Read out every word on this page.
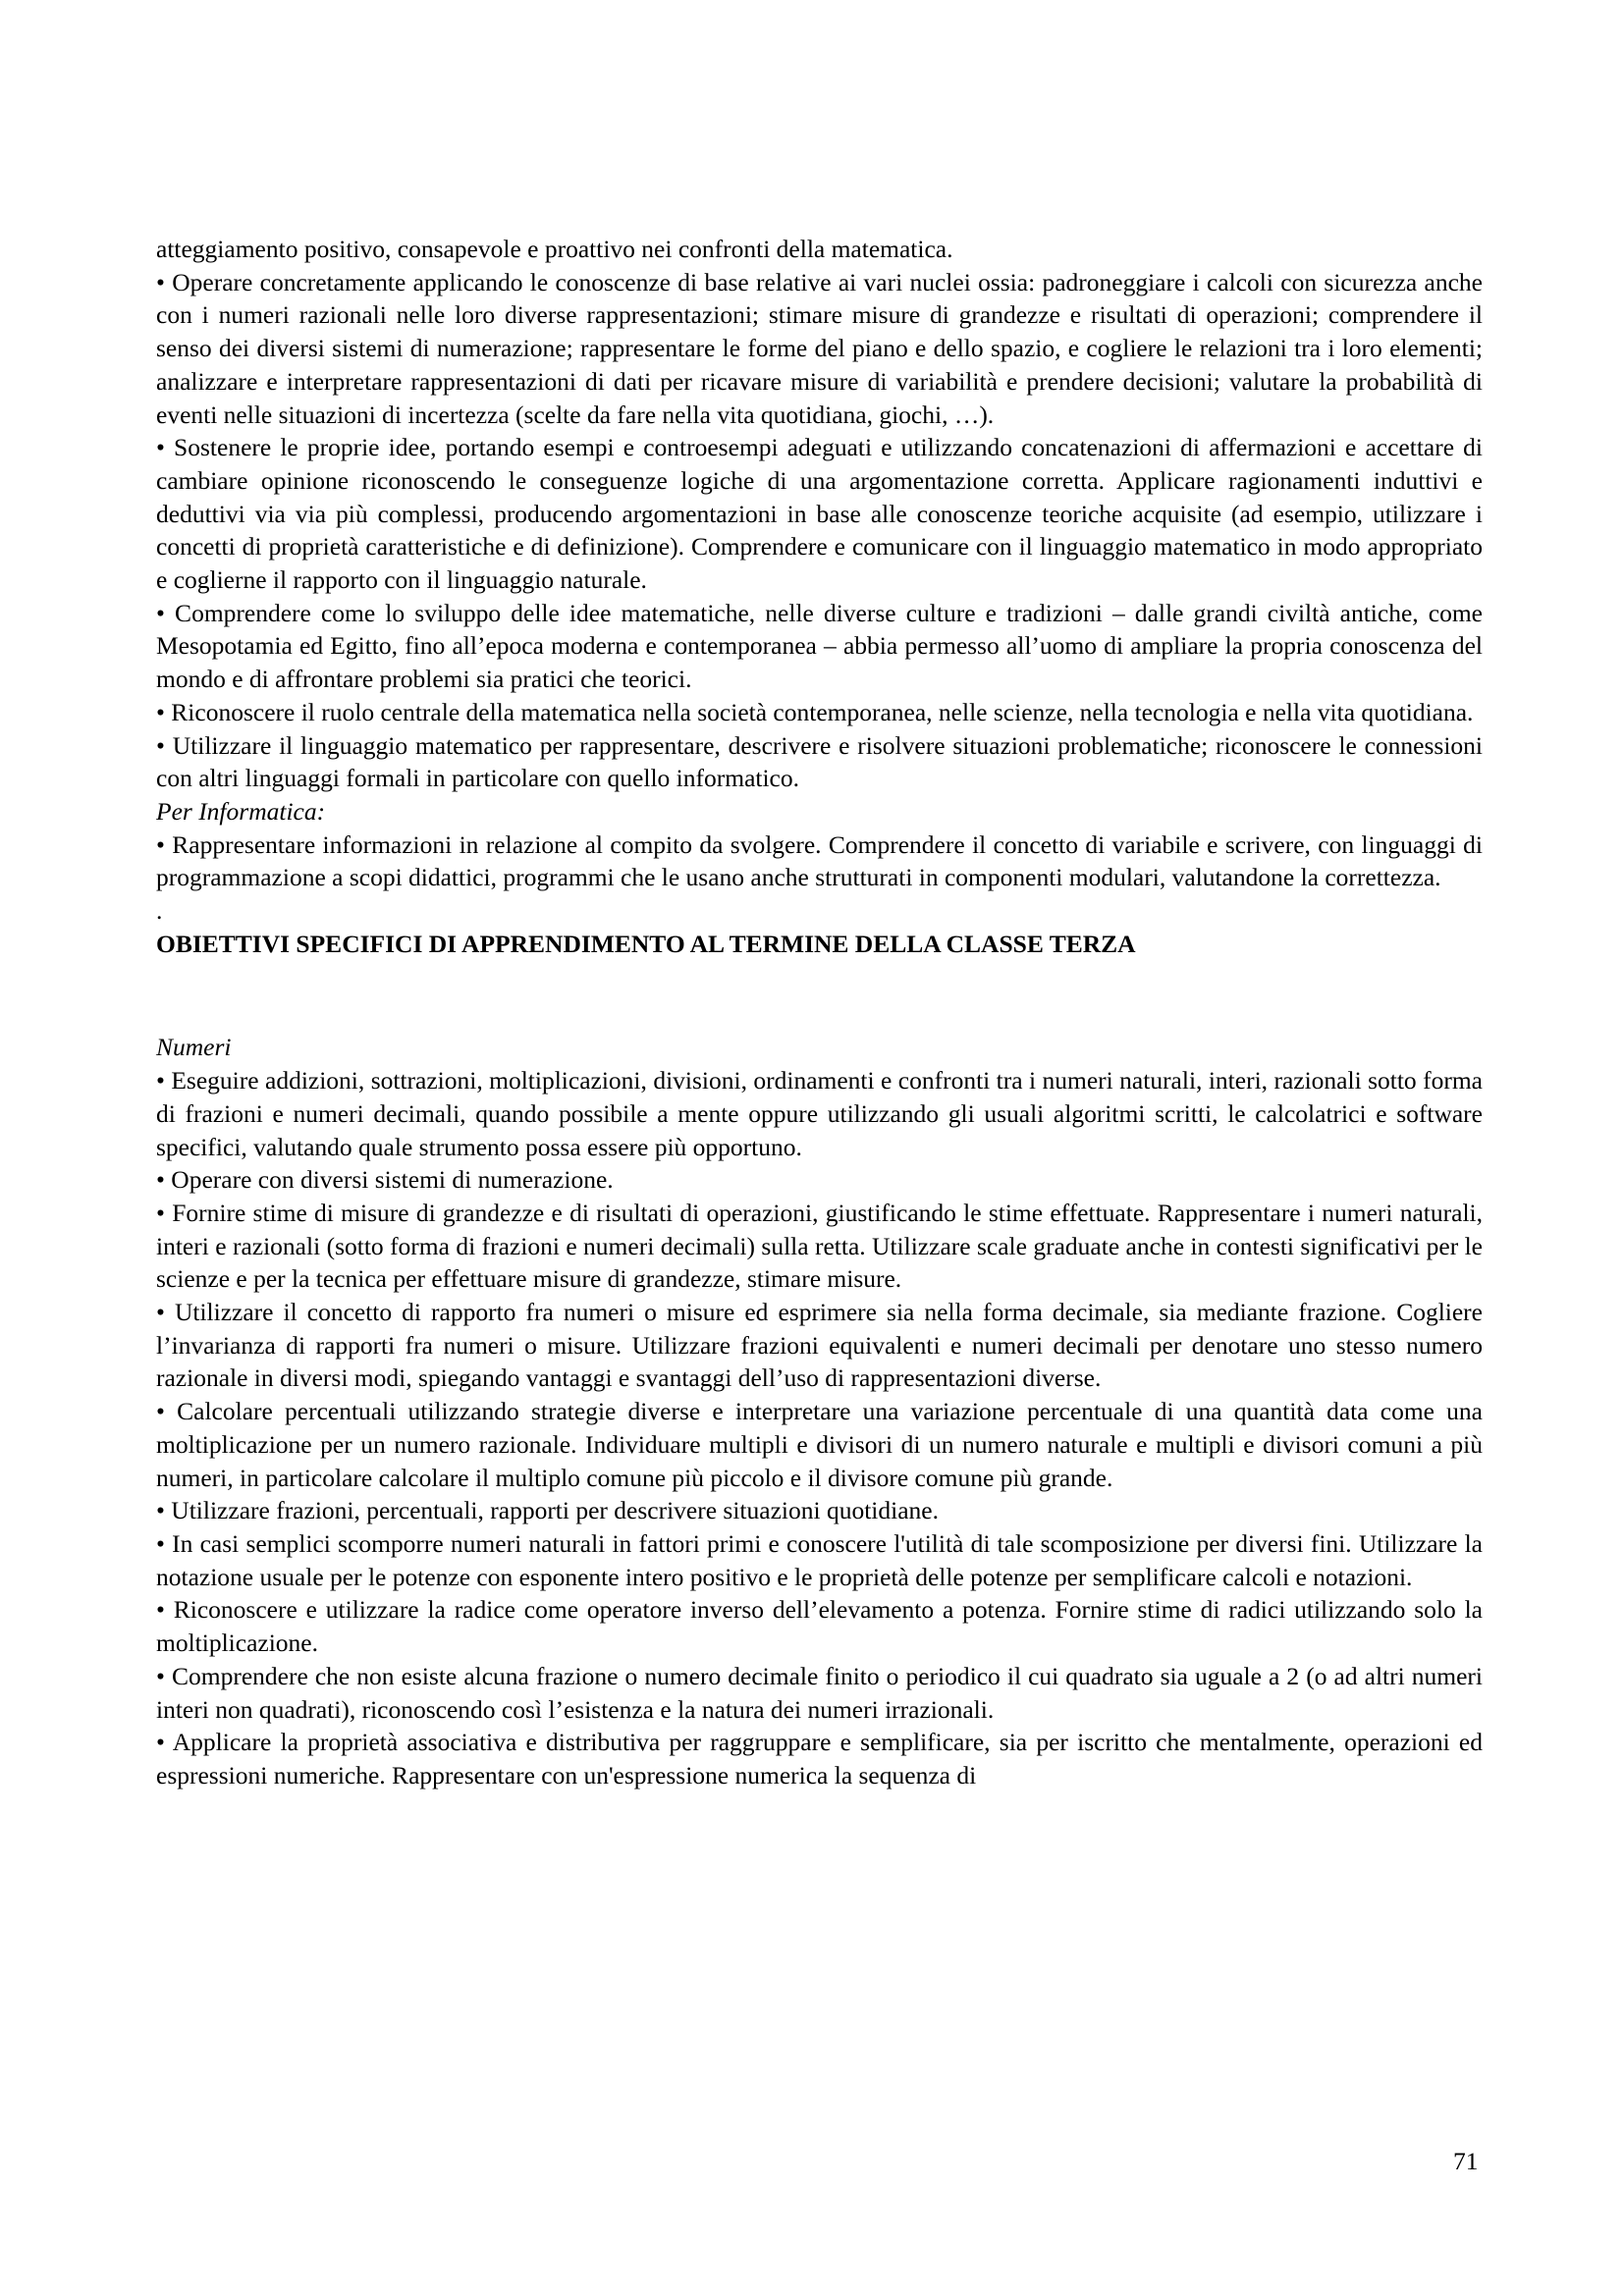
atteggiamento positivo, consapevole e proattivo nei confronti della matematica.

• Operare concretamente applicando le conoscenze di base relative ai vari nuclei ossia: padroneggiare i calcoli con sicurezza anche con i numeri razionali nelle loro diverse rappresentazioni; stimare misure di grandezze e risultati di operazioni; comprendere il senso dei diversi sistemi di numerazione; rappresentare le forme del piano e dello spazio, e cogliere le relazioni tra i loro elementi; analizzare e interpretare rappresentazioni di dati per ricavare misure di variabilità e prendere decisioni; valutare la probabilità di eventi nelle situazioni di incertezza (scelte da fare nella vita quotidiana, giochi, …).

• Sostenere le proprie idee, portando esempi e controesempi adeguati e utilizzando concatenazioni di affermazioni e accettare di cambiare opinione riconoscendo le conseguenze logiche di una argomentazione corretta. Applicare ragionamenti induttivi e deduttivi via via più complessi, producendo argomentazioni in base alle conoscenze teoriche acquisite (ad esempio, utilizzare i concetti di proprietà caratteristiche e di definizione). Comprendere e comunicare con il linguaggio matematico in modo appropriato e coglierne il rapporto con il linguaggio naturale.

• Comprendere come lo sviluppo delle idee matematiche, nelle diverse culture e tradizioni – dalle grandi civiltà antiche, come Mesopotamia ed Egitto, fino all’epoca moderna e contemporanea – abbia permesso all’uomo di ampliare la propria conoscenza del mondo e di affrontare problemi sia pratici che teorici.

• Riconoscere il ruolo centrale della matematica nella società contemporanea, nelle scienze, nella tecnologia e nella vita quotidiana.

• Utilizzare il linguaggio matematico per rappresentare, descrivere e risolvere situazioni problematiche; riconoscere le connessioni con altri linguaggi formali in particolare con quello informatico.

Per Informatica:

• Rappresentare informazioni in relazione al compito da svolgere. Comprendere il concetto di variabile e scrivere, con linguaggi di programmazione a scopi didattici, programmi che le usano anche strutturati in componenti modulari, valutandone la correttezza.

.

OBIETTIVI SPECIFICI DI APPRENDIMENTO AL TERMINE DELLA CLASSE TERZA

Numeri

• Eseguire addizioni, sottrazioni, moltiplicazioni, divisioni, ordinamenti e confronti tra i numeri naturali, interi, razionali sotto forma di frazioni e numeri decimali, quando possibile a mente oppure utilizzando gli usuali algoritmi scritti, le calcolatrici e software specifici, valutando quale strumento possa essere più opportuno.

• Operare con diversi sistemi di numerazione.

• Fornire stime di misure di grandezze e di risultati di operazioni, giustificando le stime effettuate. Rappresentare i numeri naturali, interi e razionali (sotto forma di frazioni e numeri decimali) sulla retta. Utilizzare scale graduate anche in contesti significativi per le scienze e per la tecnica per effettuare misure di grandezze, stimare misure.

• Utilizzare il concetto di rapporto fra numeri o misure ed esprimere sia nella forma decimale, sia mediante frazione. Cogliere l’invarianza di rapporti fra numeri o misure. Utilizzare frazioni equivalenti e numeri decimali per denotare uno stesso numero razionale in diversi modi, spiegando vantaggi e svantaggi dell’uso di rappresentazioni diverse.

• Calcolare percentuali utilizzando strategie diverse e interpretare una variazione percentuale di una quantità data come una moltiplicazione per un numero razionale. Individuare multipli e divisori di un numero naturale e multipli e divisori comuni a più numeri, in particolare calcolare il multiplo comune più piccolo e il divisore comune più grande.

• Utilizzare frazioni, percentuali, rapporti per descrivere situazioni quotidiane.

• In casi semplici scomporre numeri naturali in fattori primi e conoscere l'utilità di tale scomposizione per diversi fini. Utilizzare la notazione usuale per le potenze con esponente intero positivo e le proprietà delle potenze per semplificare calcoli e notazioni.

• Riconoscere e utilizzare la radice come operatore inverso dell’elevamento a potenza. Fornire stime di radici utilizzando solo la moltiplicazione.

• Comprendere che non esiste alcuna frazione o numero decimale finito o periodico il cui quadrato sia uguale a 2 (o ad altri numeri interi non quadrati), riconoscendo così l’esistenza e la natura dei numeri irrazionali.

• Applicare la proprietà associativa e distributiva per raggruppare e semplificare, sia per iscritto che mentalmente, operazioni ed espressioni numeriche. Rappresentare con un'espressione numerica la sequenza di

71
